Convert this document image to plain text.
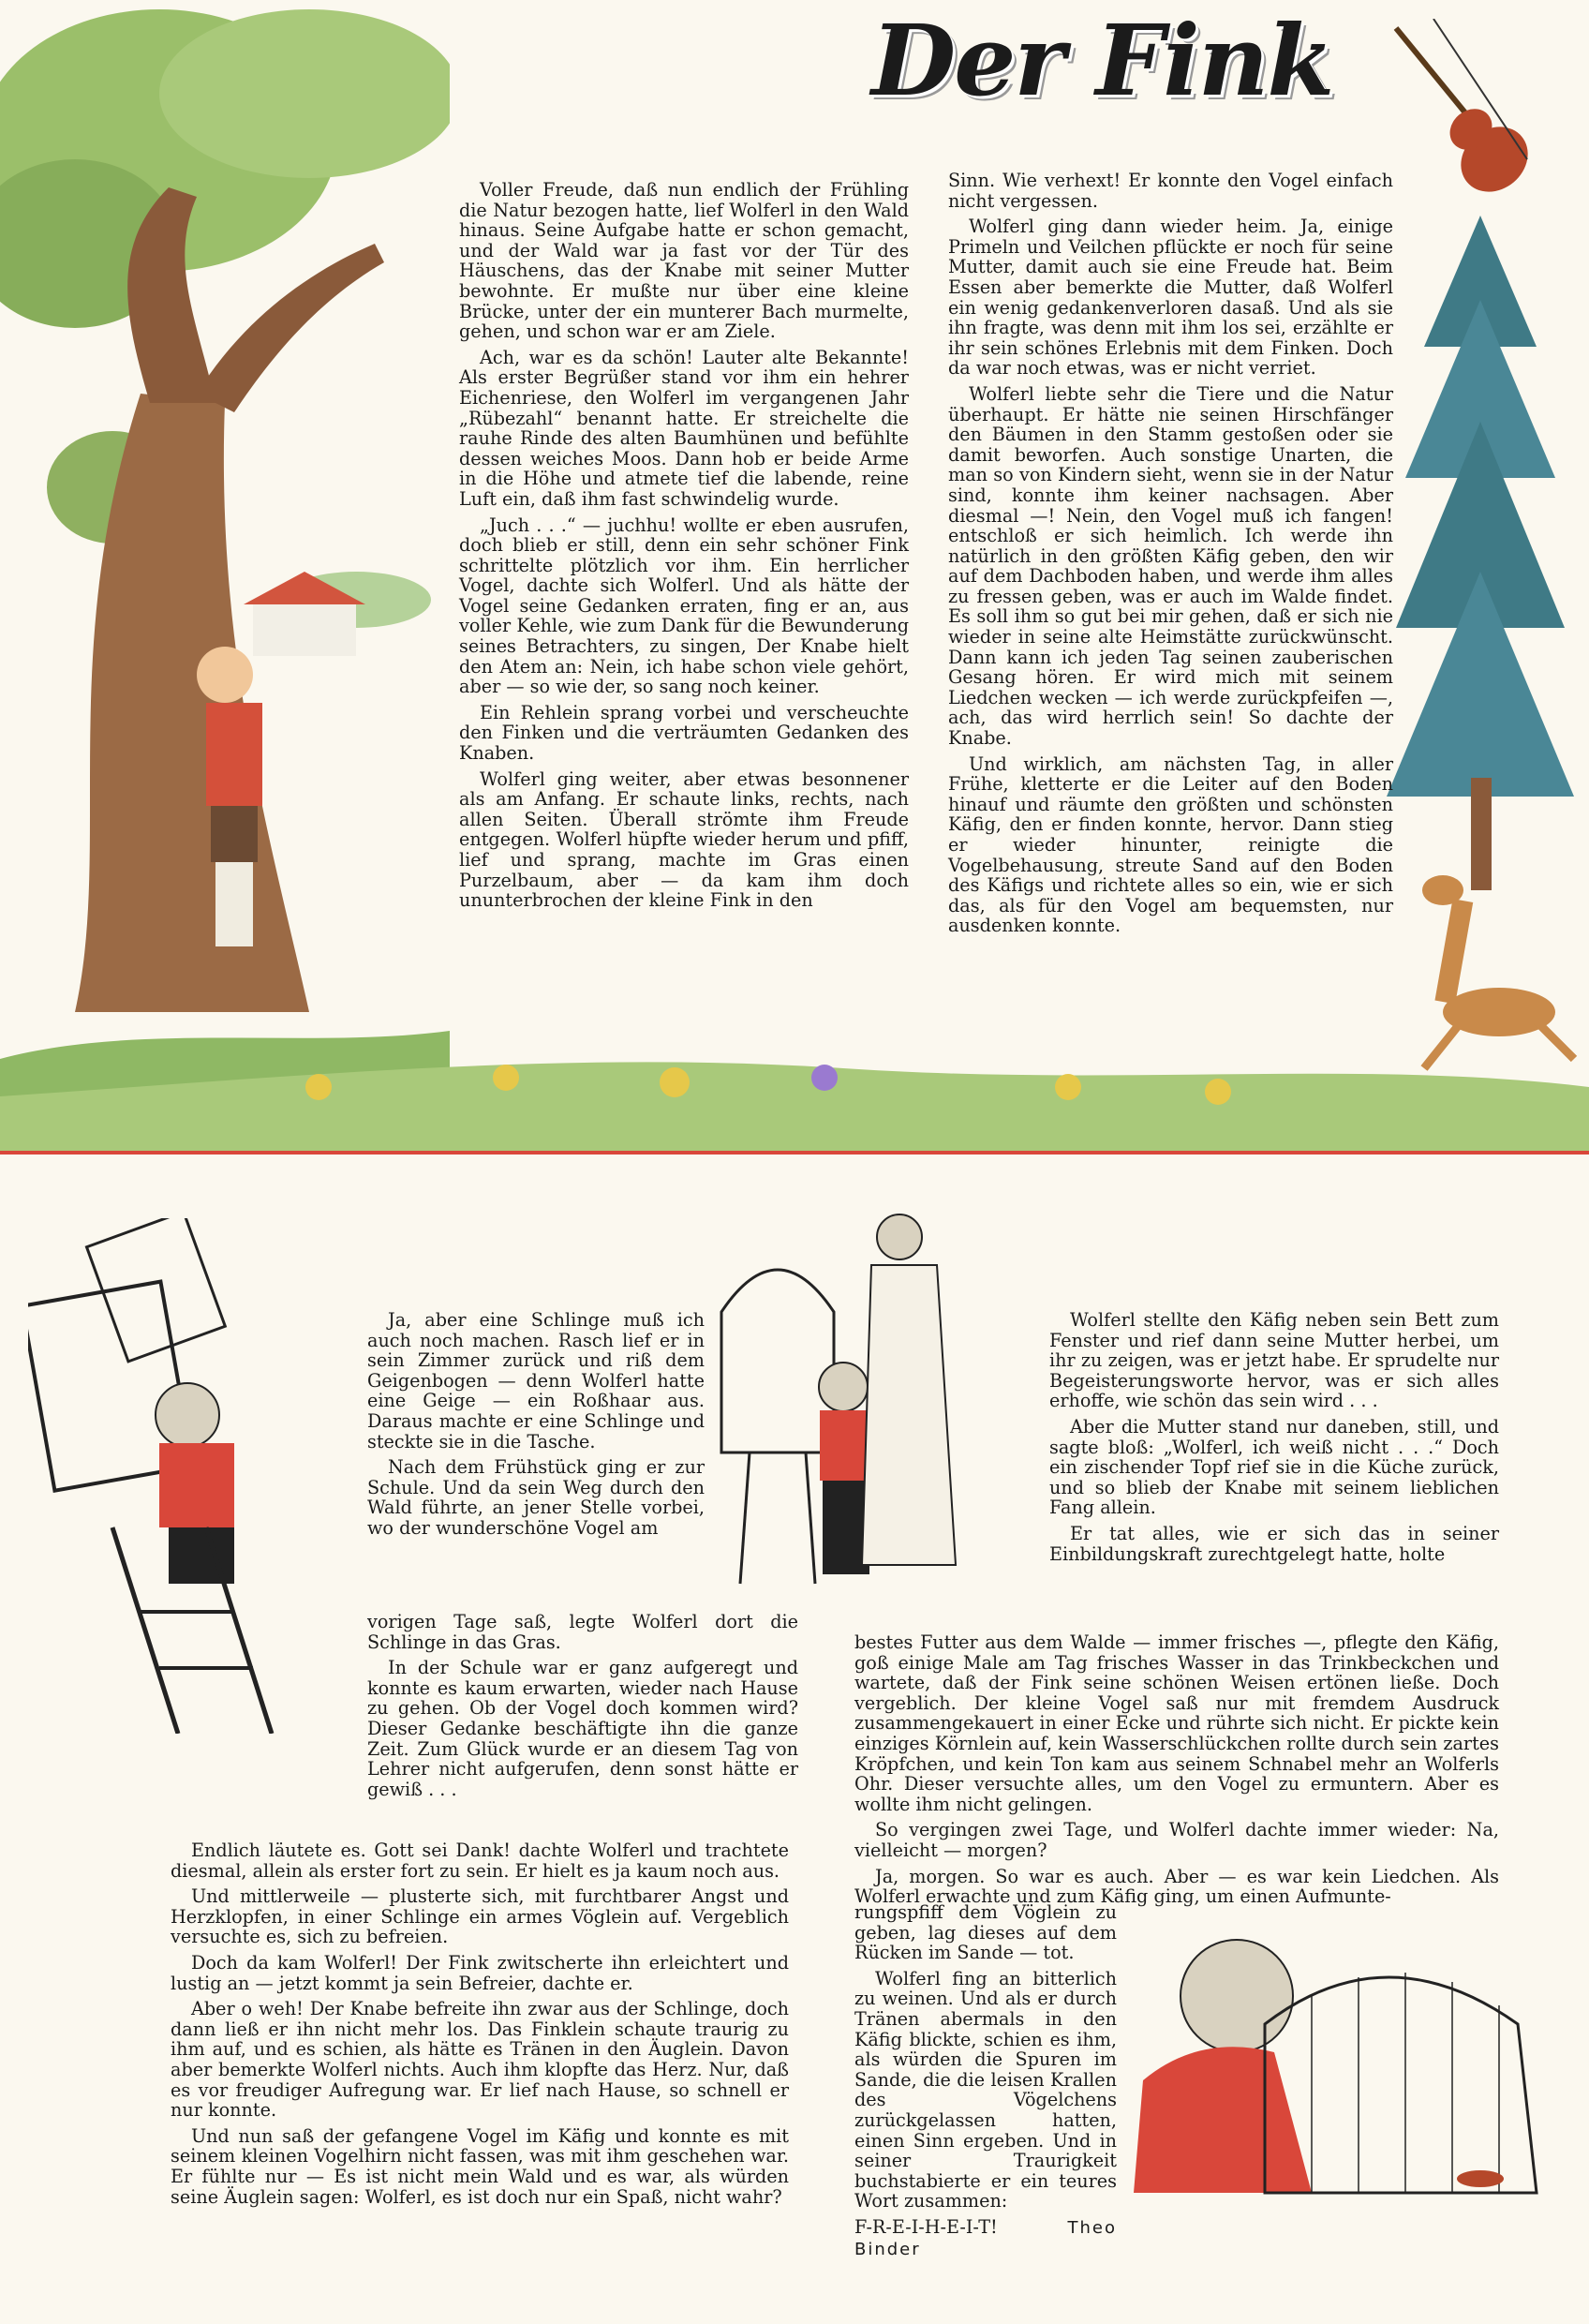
Der Fink

Voller Freude, daß nun endlich der Frühling die Natur bezogen hatte, lief Wolferl in den Wald hinaus. Seine Aufgabe hatte er schon gemacht, und der Wald war ja fast vor der Tür des Häuschens, das der Knabe mit seiner Mutter bewohnte. Er mußte nur über eine kleine Brücke, unter der ein munterer Bach murmelte, gehen, und schon war er am Ziele.

Ach, war es da schön! Lauter alte Bekannte! Als erster Begrüßer stand vor ihm ein hehrer Eichenriese, den Wolferl im vergangenen Jahr „Rübezahl“ benannt hatte. Er streichelte die rauhe Rinde des alten Baumhünen und befühlte dessen weiches Moos. Dann hob er beide Arme in die Höhe und atmete tief die labende, reine Luft ein, daß ihm fast schwindelig wurde.

„Juch . . .“ — juchhu! wollte er eben ausrufen, doch blieb er still, denn ein sehr schöner Fink schrittelte plötzlich vor ihm. Ein herrlicher Vogel, dachte sich Wolferl. Und als hätte der Vogel seine Gedanken erraten, fing er an, aus voller Kehle, wie zum Dank für die Bewunderung seines Betrachters, zu singen, Der Knabe hielt den Atem an: Nein, ich habe schon viele gehört, aber — so wie der, so sang noch keiner.

Ein Rehlein sprang vorbei und verscheuchte den Finken und die verträumten Gedanken des Knaben.

Wolferl ging weiter, aber etwas besonnener als am Anfang. Er schaute links, rechts, nach allen Seiten. Überall strömte ihm Freude entgegen. Wolferl hüpfte wieder herum und pfiff, lief und sprang, machte im Gras einen Purzelbaum, aber — da kam ihm doch ununterbrochen der kleine Fink in den

Sinn. Wie verhext! Er konnte den Vogel einfach nicht vergessen.

Wolferl ging dann wieder heim. Ja, einige Primeln und Veilchen pflückte er noch für seine Mutter, damit auch sie eine Freude hat. Beim Essen aber bemerkte die Mutter, daß Wolferl ein wenig gedankenverloren dasaß. Und als sie ihn fragte, was denn mit ihm los sei, erzählte er ihr sein schönes Erlebnis mit dem Finken. Doch da war noch etwas, was er nicht verriet.

Wolferl liebte sehr die Tiere und die Natur überhaupt. Er hätte nie seinen Hirschfänger den Bäumen in den Stamm gestoßen oder sie damit beworfen. Auch sonstige Unarten, die man so von Kindern sieht, wenn sie in der Natur sind, konnte ihm keiner nachsagen. Aber diesmal —! Nein, den Vogel muß ich fangen! entschloß er sich heimlich. Ich werde ihn natürlich in den größten Käfig geben, den wir auf dem Dachboden haben, und werde ihm alles zu fressen geben, was er auch im Walde findet. Es soll ihm so gut bei mir gehen, daß er sich nie wieder in seine alte Heimstätte zurückwünscht. Dann kann ich jeden Tag seinen zauberischen Gesang hören. Er wird mich mit seinem Liedchen wecken — ich werde zurückpfeifen —, ach, das wird herrlich sein! So dachte der Knabe.

Und wirklich, am nächsten Tag, in aller Frühe, kletterte er die Leiter auf den Boden hinauf und räumte den größten und schönsten Käfig, den er finden konnte, hervor. Dann stieg er wieder hinunter, reinigte die Vogelbehausung, streute Sand auf den Boden des Käfigs und richtete alles so ein, wie er sich das, als für den Vogel am bequemsten, nur ausdenken konnte.

Ja, aber eine Schlinge muß ich auch noch machen. Rasch lief er in sein Zimmer zurück und riß dem Geigenbogen — denn Wolferl hatte eine Geige — ein Roßhaar aus. Daraus machte er eine Schlinge und steckte sie in die Tasche.

Nach dem Frühstück ging er zur Schule. Und da sein Weg durch den Wald führte, an jener Stelle vorbei, wo der wunderschöne Vogel am

vorigen Tage saß, legte Wolferl dort die Schlinge in das Gras.

In der Schule war er ganz aufgeregt und konnte es kaum erwarten, wieder nach Hause zu gehen. Ob der Vogel doch kommen wird? Dieser Gedanke beschäftigte ihn die ganze Zeit. Zum Glück wurde er an diesem Tag von Lehrer nicht aufgerufen, denn sonst hätte er gewiß . . .

Endlich läutete es. Gott sei Dank! dachte Wolferl und trachtete diesmal, allein als erster fort zu sein. Er hielt es ja kaum noch aus.

Und mittlerweile — plusterte sich, mit furchtbarer Angst und Herzklopfen, in einer Schlinge ein armes Vöglein auf. Vergeblich versuchte es, sich zu befreien.

Doch da kam Wolferl! Der Fink zwitscherte ihn erleichtert und lustig an — jetzt kommt ja sein Befreier, dachte er.

Aber o weh! Der Knabe befreite ihn zwar aus der Schlinge, doch dann ließ er ihn nicht mehr los. Das Finklein schaute traurig zu ihm auf, und es schien, als hätte es Tränen in den Äuglein. Davon aber bemerkte Wolferl nichts. Auch ihm klopfte das Herz. Nur, daß es vor freudiger Aufregung war. Er lief nach Hause, so schnell er nur konnte.

Und nun saß der gefangene Vogel im Käfig und konnte es mit seinem kleinen Vogelhirn nicht fassen, was mit ihm geschehen war. Er fühlte nur — Es ist nicht mein Wald und es war, als würden seine Äuglein sagen: Wolferl, es ist doch nur ein Spaß, nicht wahr?

Wolferl stellte den Käfig neben sein Bett zum Fenster und rief dann seine Mutter herbei, um ihr zu zeigen, was er jetzt habe. Er sprudelte nur Begeisterungsworte hervor, was er sich alles erhoffe, wie schön das sein wird . . .

Aber die Mutter stand nur daneben, still, und sagte bloß: „Wolferl, ich weiß nicht . . .“ Doch ein zischender Topf rief sie in die Küche zurück, und so blieb der Knabe mit seinem lieblichen Fang allein.

Er tat alles, wie er sich das in seiner Einbildungskraft zurechtgelegt hatte, holte

bestes Futter aus dem Walde — immer frisches —, pflegte den Käfig, goß einige Male am Tag frisches Wasser in das Trinkbeckchen und wartete, daß der Fink seine schönen Weisen ertönen ließe. Doch vergeblich. Der kleine Vogel saß nur mit fremdem Ausdruck zusammengekauert in einer Ecke und rührte sich nicht. Er pickte kein einziges Körnlein auf, kein Wasserschlückchen rollte durch sein zartes Kröpfchen, und kein Ton kam aus seinem Schnabel mehr an Wolferls Ohr. Dieser versuchte alles, um den Vogel zu ermuntern. Aber es wollte ihm nicht gelingen.

So vergingen zwei Tage, und Wolferl dachte immer wieder: Na, vielleicht — morgen?

Ja, morgen. So war es auch. Aber — es war kein Liedchen. Als Wolferl erwachte und zum Käfig ging, um einen Aufmunte-

rungspfiff dem Vöglein zu geben, lag dieses auf dem Rücken im Sande — tot.

Wolferl fing an bitterlich zu weinen. Und als er durch Tränen abermals in den Käfig blickte, schien es ihm, als würden die Spuren im Sande, die die leisen Krallen des Vögelchens zurückgelassen hatten, einen Sinn ergeben. Und in seiner Traurigkeit buchstabierte er ein teures Wort zusammen:

F-R-E-I-H-E-I-T!	Theo Binder
